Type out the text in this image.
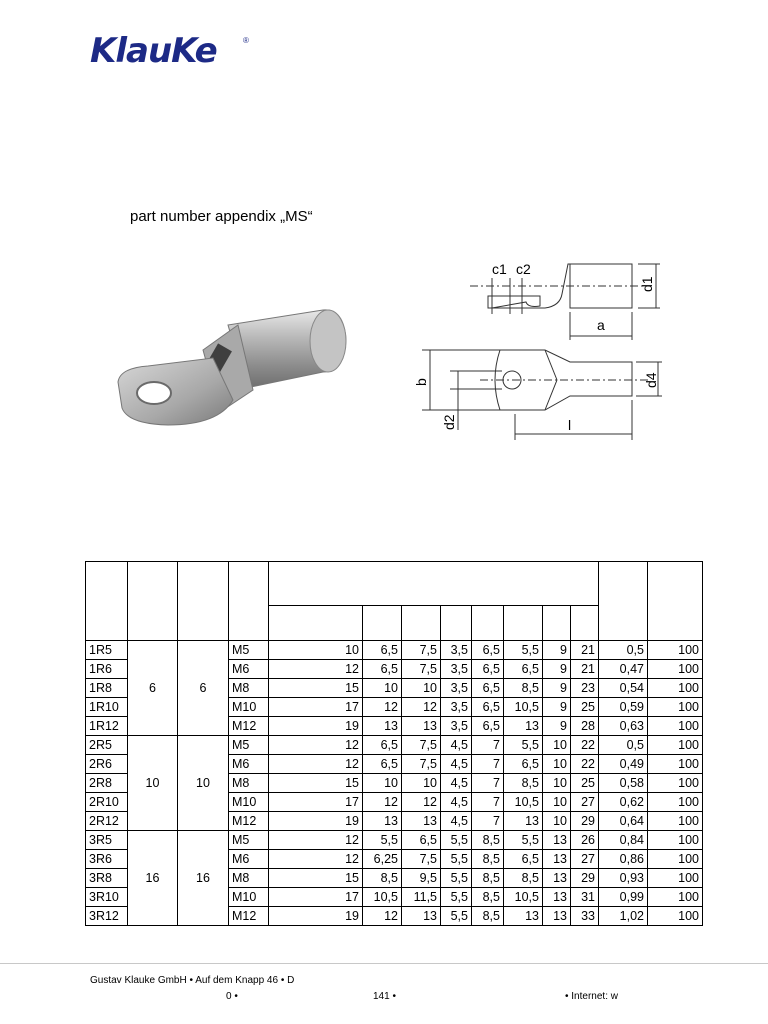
KlauKe	®
part number appendix „MS“
c1 c2
d1
a
b	d4
d2	l

1R5	6	6	M5	10	6,5	7,5	3,5	6,5	5,5	9	21	0,5	100
1R6			M6	12	6,5	7,5	3,5	6,5	6,5	9	21	0,47	100
1R8			M8	15	10	10	3,5	6,5	8,5	9	23	0,54	100
1R10			M10	17	12	12	3,5	6,5	10,5	9	25	0,59	100
1R12			M12	19	13	13	3,5	6,5	13	9	28	0,63	100
2R5	10	10	M5	12	6,5	7,5	4,5	7	5,5	10	22	0,5	100
2R6			M6	12	6,5	7,5	4,5	7	6,5	10	22	0,49	100
2R8			M8	15	10	10	4,5	7	8,5	10	25	0,58	100
2R10			M10	17	12	12	4,5	7	10,5	10	27	0,62	100
2R12			M12	19	13	13	4,5	7	13	10	29	0,64	100
3R5	16	16	M5	12	5,5	6,5	5,5	8,5	5,5	13	26	0,84	100
3R6			M6	12	6,25	7,5	5,5	8,5	6,5	13	27	0,86	100
3R8			M8	15	8,5	9,5	5,5	8,5	8,5	13	29	0,93	100
3R10			M10	17	10,5	11,5	5,5	8,5	10,5	13	31	0,99	100
3R12			M12	19	12	13	5,5	8,5	13	13	33	1,02	100
Gustav Klauke GmbH • Auf dem Knapp 46 • D
0 •	141 •	• Internet: w
